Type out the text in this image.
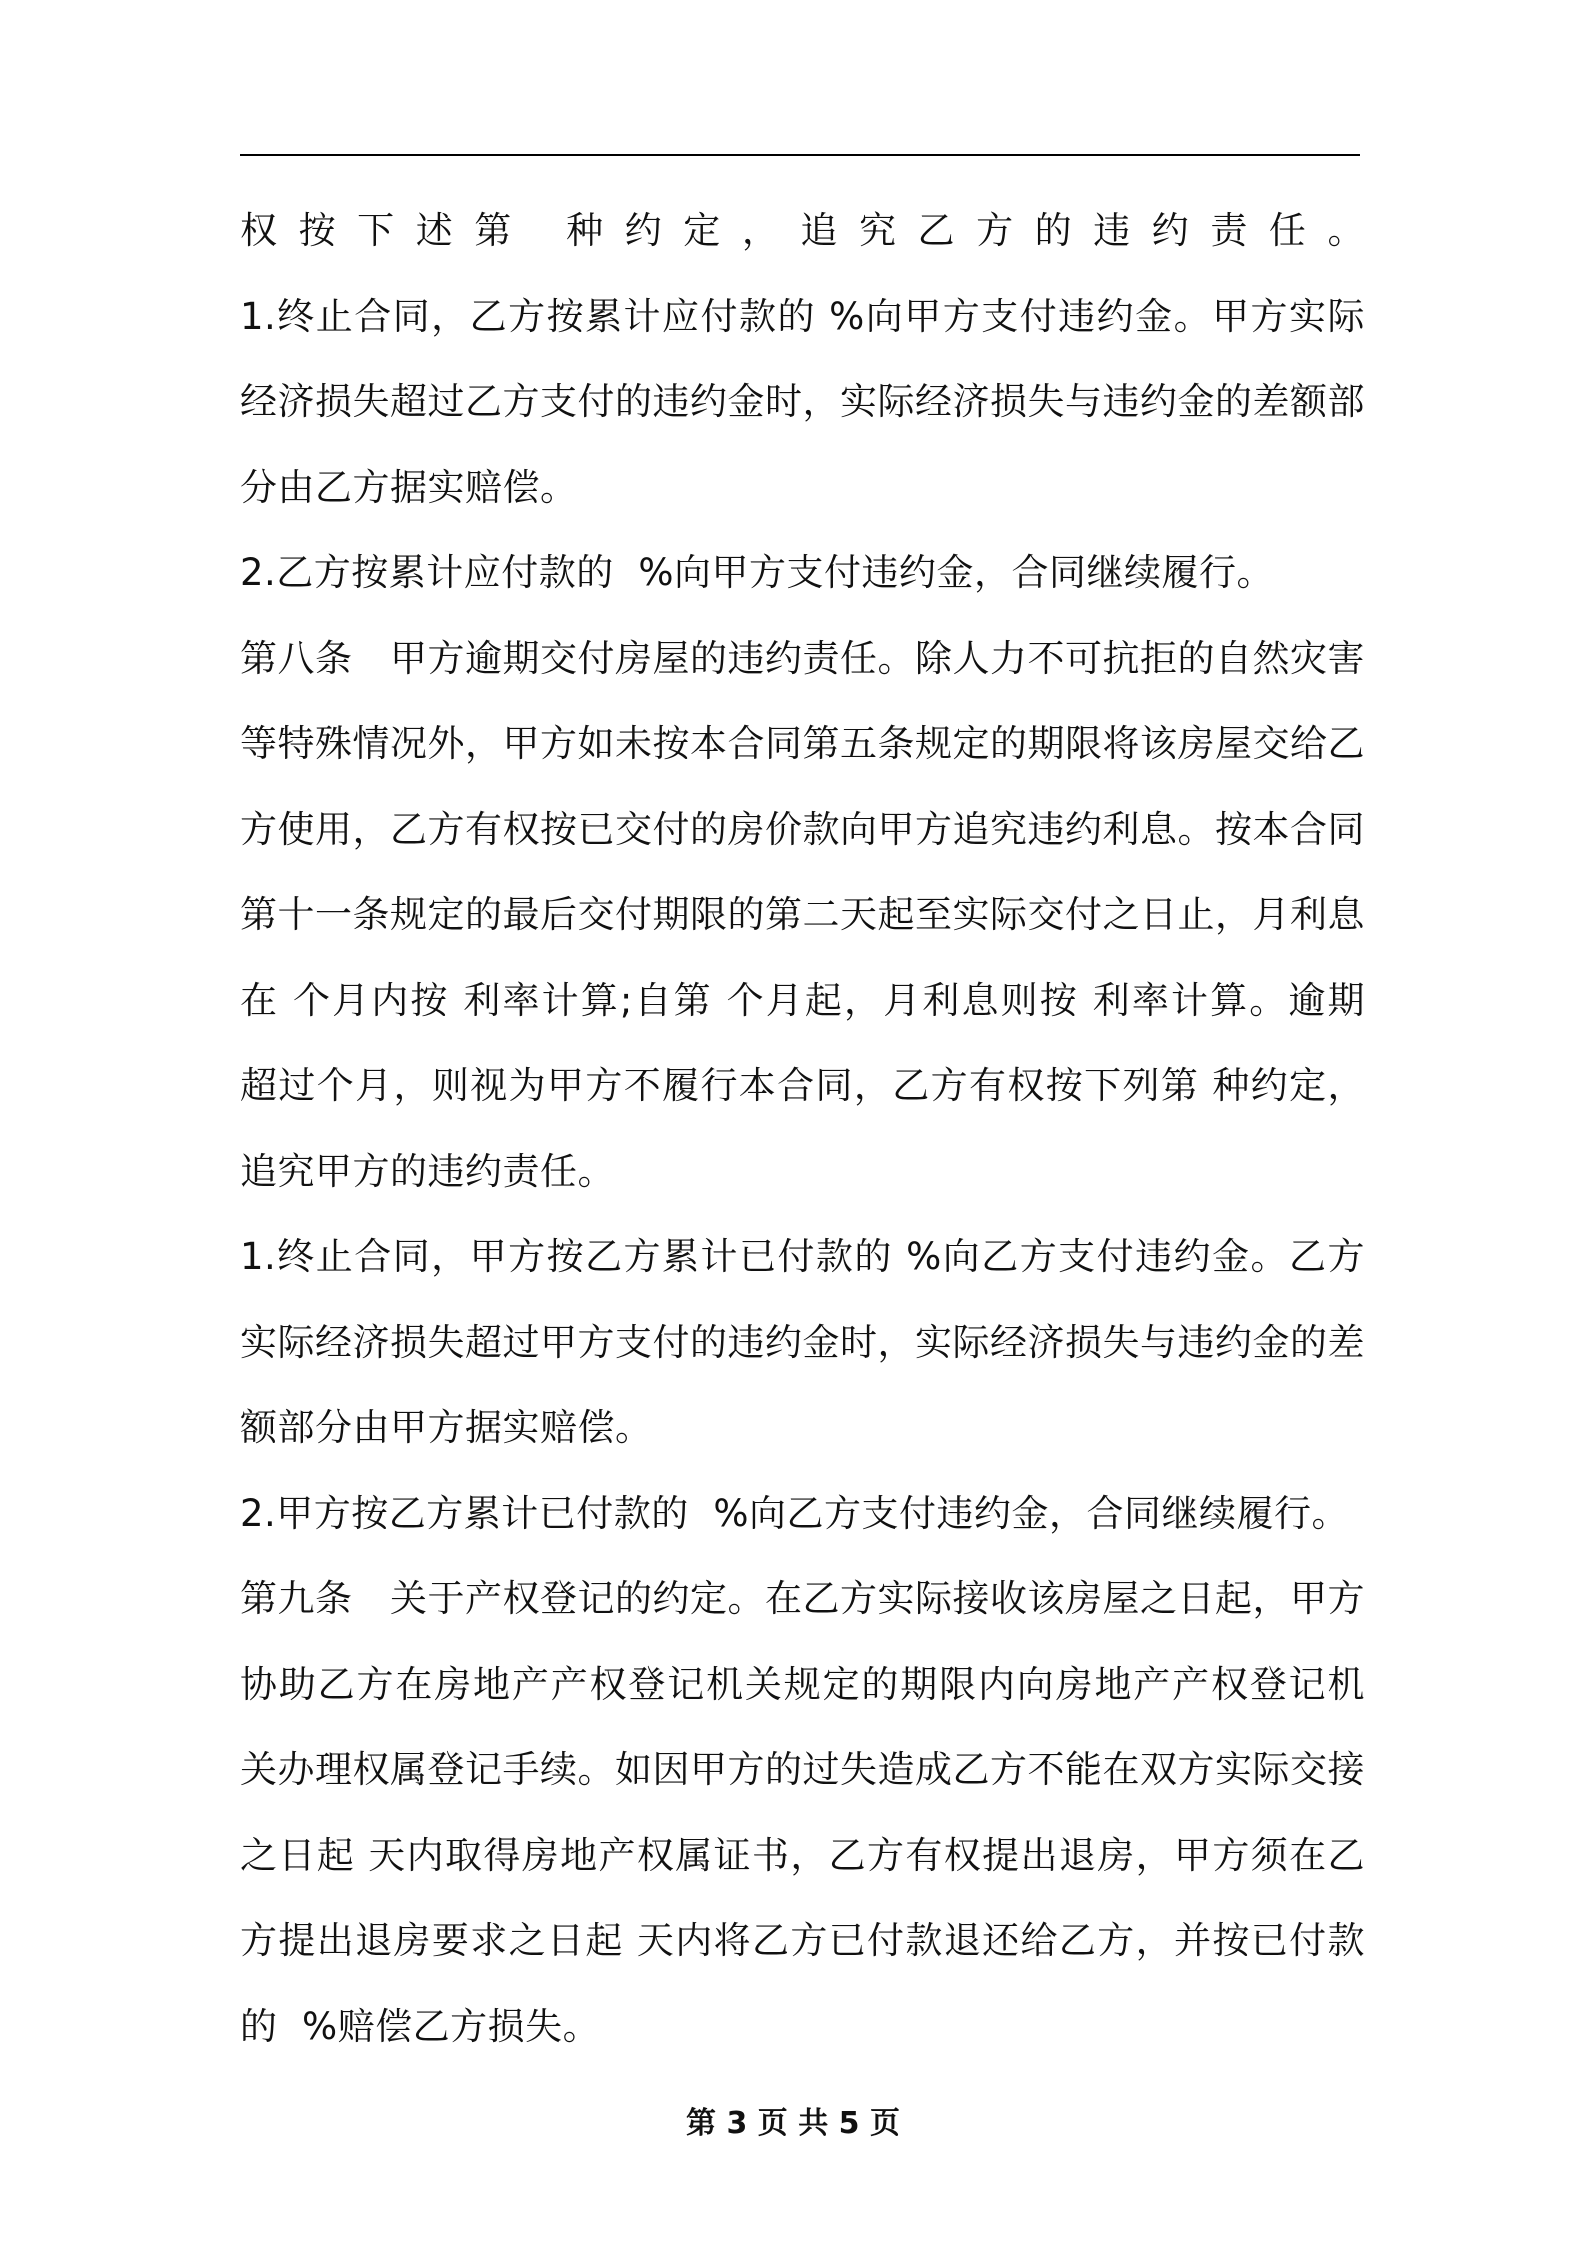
权按下述第 种约定，追究乙方的违约责任。
1.终止合同，乙方按累计应付款的 %向甲方支付违约金。甲方实际
经济损失超过乙方支付的违约金时，实际经济损失与违约金的差额部
分由乙方据实赔偿。
2.乙方按累计应付款的  %向甲方支付违约金，合同继续履行。
第八条　甲方逾期交付房屋的违约责任。除人力不可抗拒的自然灾害
等特殊情况外，甲方如未按本合同第五条规定的期限将该房屋交给乙
方使用，乙方有权按已交付的房价款向甲方追究违约利息。按本合同
第十一条规定的最后交付期限的第二天起至实际交付之日止，月利息
在 个月内按 利率计算;自第 个月起，月利息则按 利率计算。逾期
超过个月，则视为甲方不履行本合同，乙方有权按下列第 种约定，
追究甲方的违约责任。
1.终止合同，甲方按乙方累计已付款的 %向乙方支付违约金。乙方
实际经济损失超过甲方支付的违约金时，实际经济损失与违约金的差
额部分由甲方据实赔偿。
2.甲方按乙方累计已付款的  %向乙方支付违约金，合同继续履行。
第九条　关于产权登记的约定。在乙方实际接收该房屋之日起，甲方
协助乙方在房地产产权登记机关规定的期限内向房地产产权登记机
关办理权属登记手续。如因甲方的过失造成乙方不能在双方实际交接
之日起 天内取得房地产权属证书，乙方有权提出退房，甲方须在乙
方提出退房要求之日起 天内将乙方已付款退还给乙方，并按已付款
的  %赔偿乙方损失。
第 3 页 共 5 页
